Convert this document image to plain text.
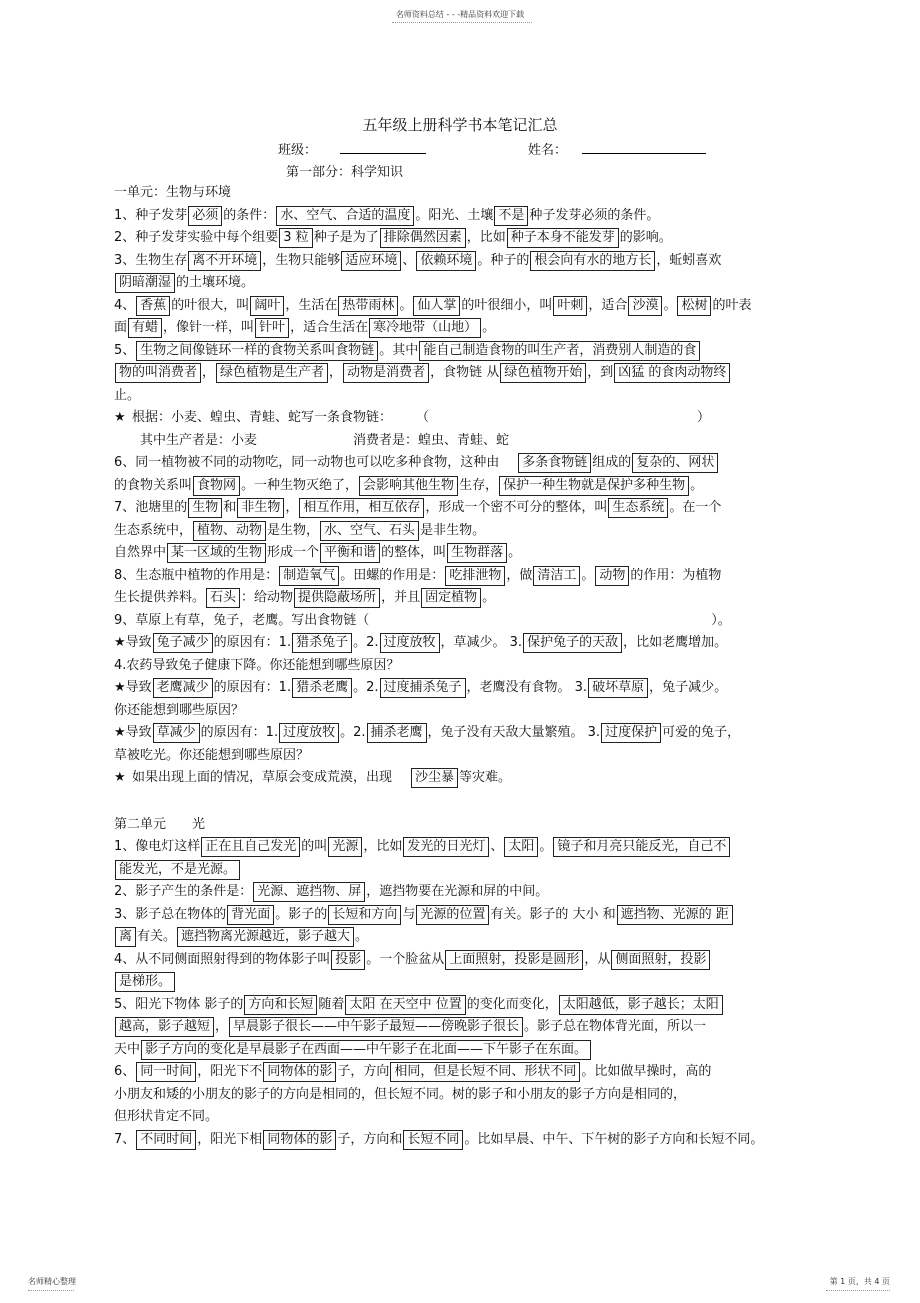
名师资料总结 - - -精品资料欢迎下载
五年级上册科学书本笔记汇总
班级：	姓名：
第一部分：科学知识

一单元：生物与环境

1、种子发芽 必须 的条件： 水、空气、合适的温度 。阳光、土壤 不是 种子发芽必须的条件。

2、种子发芽实验中每个组要 3 粒 种子是为了 排除偶然因素 ，比如 种子本身不能发芽 的影响。

3、生物生存 离不开环境 ，生物只能够 适应环境 、 依赖环境 。种子的 根会向有水的地方长 ，蚯蚓喜欢

阴暗潮湿 的土壤环境。

4、 香蕉 的叶很大，叫 阔叶 ，生活在 热带雨林 。 仙人掌 的叶很细小，叫 叶刺 ，适合 沙漠 。 松树 的叶表

面 有蜡 ，像针一样，叫 针叶 ，适合生活在 寒冷地带（山地） 。

5、 生物之间像链环一样的食物关系叫食物链 。其中 能自己制造食物的叫生产者，消费别人制造的食

物的叫消费者 ， 绿色植物是生产者 ， 动物是消费者 ，食物链 从 绿色植物开始 ，到 凶猛 的食肉动物终

止。

★ 根据：小麦、蝗虫、青蛙、蛇写一条食物链： （	）

其中生产者是：小麦	消费者是：蝗虫、青蛙、蛇

6、同一植物被不同的动物吃，同一动物也可以吃多种食物，这种由 多条食物链 组成的 复杂的、网状

的食物关系叫 食物网 。一种生物灭绝了， 会影响其他生物 生存， 保护一种生物就是保护多种生物 。

7、池塘里的 生物 和 非生物 ， 相互作用，相互依存 ，形成一个密不可分的整体，叫 生态系统 。在一个

生态系统中， 植物、动物 是生物， 水、空气、石头 是非生物。

自然界中 某一区域的生物 形成一个 平衡和谐 的整体，叫 生物群落 。

8、生态瓶中植物的作用是： 制造氧气 。田螺的作用是： 吃排泄物 ，做 清洁工 。 动物 的作用：为植物

生长提供养料。 石头 ：给动物 提供隐蔽场所 ，并且 固定植物 。

9、草原上有草，兔子，老鹰。写出食物链（	）。

★导致 兔子减少 的原因有：1. 猎杀兔子 。2. 过度放牧 ，草减少。 3. 保护兔子的天敌 ，比如老鹰增加。

4.农药导致兔子健康下降。你还能想到哪些原因？

★导致 老鹰减少 的原因有：1. 猎杀老鹰 。2. 过度捕杀兔子 ，老鹰没有食物。 3. 破坏草原 ，兔子减少。

你还能想到哪些原因？

★导致 草减少 的原因有：1. 过度放牧 。2. 捕杀老鹰 ，兔子没有天敌大量繁殖。 3. 过度保护 可爱的兔子，

草被吃光。你还能想到哪些原因？

★ 如果出现上面的情况，草原会变成荒漠，出现 沙尘暴 等灾难。

第二单元 光

1、像电灯这样 正在且自己发光 的叫 光源 ，比如 发光的日光灯 、 太阳 。 镜子和月亮只能反光，自己不

能发光，不是光源。

2、影子产生的条件是： 光源、遮挡物、屏 ，遮挡物要在光源和屏的中间。

3、影子总在物体的 背光面 。影子的 长短和方向 与 光源的位置 有关。影子的 大小 和 遮挡物、光源的 距

离 有关。 遮挡物离光源越近，影子越大 。

4、从不同侧面照射得到的物体影子叫 投影 。一个脸盆从 上面照射，投影是圆形 ，从 侧面照射，投影

是梯形。

5、阳光下物体 影子的 方向和长短 随着 太阳 在天空中 位置 的变化而变化， 太阳越低，影子越长；太阳

越高，影子越短 ， 早晨影子很长——中午影子最短——傍晚影子很长 。影子总在物体背光面，所以一

天中 影子方向的变化是早晨影子在西面——中午影子在北面——下午影子在东面。

6、 同一时间 ，阳光下不 同物体的影 子，方向 相同，但是长短不同、形状不同 。比如做早操时，高的

小朋友和矮的小朋友的影子的方向是相同的，但长短不同。树的影子和小朋友的影子方向是相同的，

但形状肯定不同。

7、 不同时间 ，阳光下相 同物体的影 子，方向和 长短不同 。比如早晨、中午、下午树的影子方向和长短不同。

名师精心整理	第 1 页，共 4 页
